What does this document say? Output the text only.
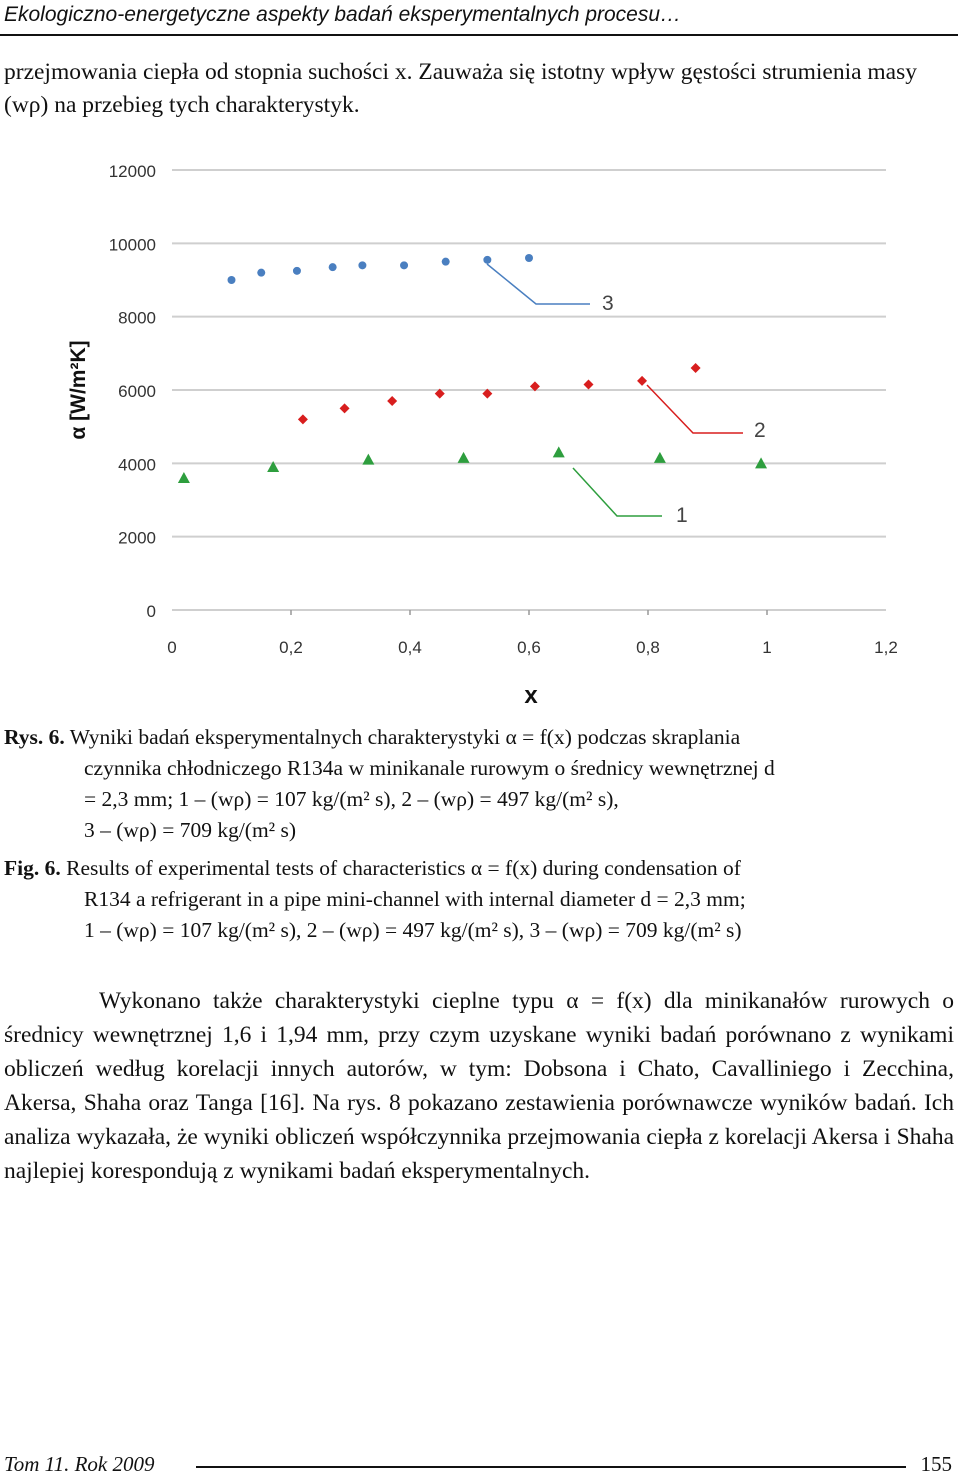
Ekologiczno-energetyczne aspekty badań eksperymentalnych procesu…

przejmowania ciepła od stopnia suchości x. Zauważa się istotny wpływ gęstości strumienia masy (wρ) na przebieg tych charakterystyk.

0
2000
4000
6000
8000
10000
12000
0	0,2	0,4	0,6	0,8	1	1,2
1
2
3
α [W/m²K]
x
Rys. 6. Wyniki badań eksperymentalnych charakterystyki α = f(x) podczas skraplania
czynnika chłodniczego R134a w minikanale rurowym o średnicy wewnętrznej d
= 2,3 mm; 1 – (wρ) = 107 kg/(m² s), 2 – (wρ) = 497 kg/(m² s),
3 – (wρ) = 709 kg/(m² s)
Fig. 6. Results of experimental tests of characteristics α = f(x) during condensation of
R134 a refrigerant in a pipe mini-channel with internal diameter d = 2,3 mm;
1 – (wρ) = 107 kg/(m² s), 2 – (wρ) = 497 kg/(m² s), 3 – (wρ) = 709 kg/(m² s)

Wykonano także charakterystyki cieplne typu α = f(x) dla minikanałów rurowych o średnicy wewnętrznej 1,6 i 1,94 mm, przy czym uzyskane wyniki badań porównano z wynikami obliczeń według korelacji innych autorów, w tym: Dobsona i Chato, Cavalliniego i Zecchina, Akersa, Shaha oraz Tanga [16]. Na rys. 8 pokazano zestawienia porównawcze wyników badań. Ich analiza wykazała, że wyniki obliczeń współczynnika przejmowania ciepła z korelacji Akersa i Shaha najlepiej korespondują z wynikami badań eksperymentalnych.

Tom 11. Rok 2009	155
